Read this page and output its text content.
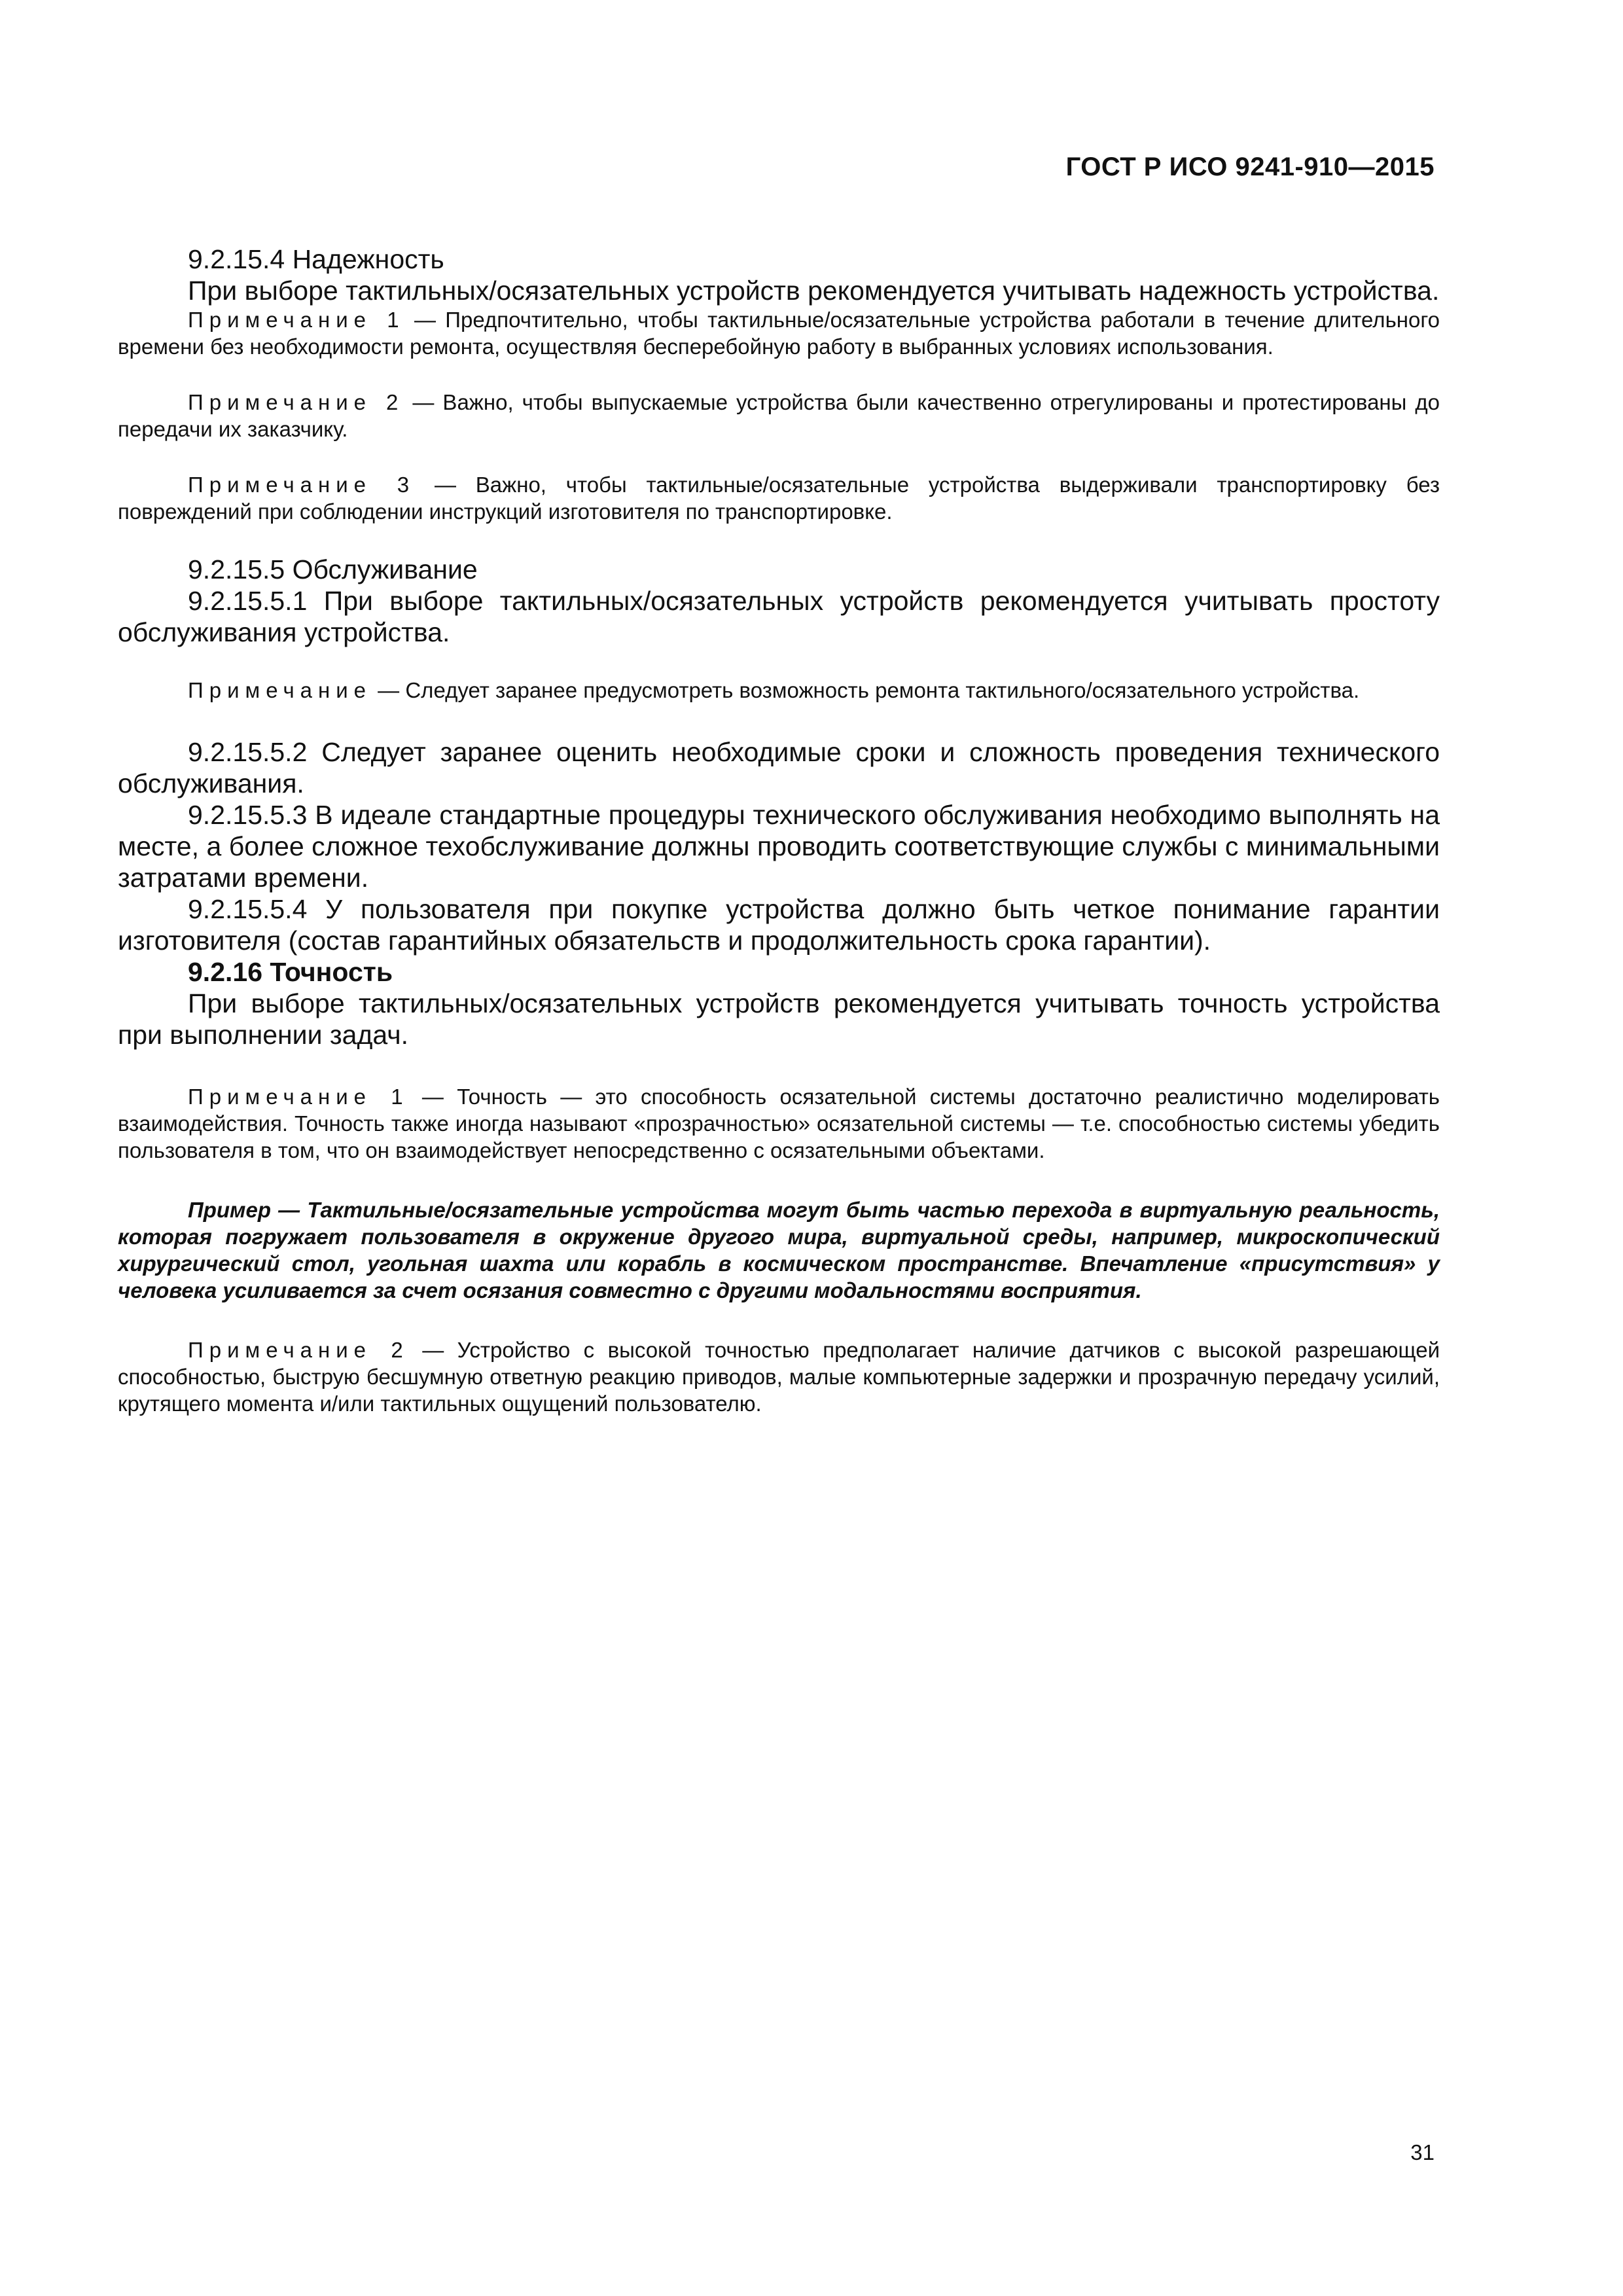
ГОСТ Р ИСО 9241-910—2015

9.2.15.4 Надежность

При выборе тактильных/осязательных устройств рекомендуется учитывать надежность устройства.

Примечание 1 — Предпочтительно, чтобы тактильные/осязательные устройства работали в течение длительного времени без необходимости ремонта, осуществляя бесперебойную работу в выбранных условиях использования.

Примечание 2 — Важно, чтобы выпускаемые устройства были качественно отрегулированы и протестированы до передачи их заказчику.

Примечание 3 — Важно, чтобы тактильные/осязательные устройства выдерживали транспортировку без повреждений при соблюдении инструкций изготовителя по транспортировке.

9.2.15.5 Обслуживание

9.2.15.5.1 При выборе тактильных/осязательных устройств рекомендуется учитывать простоту обслуживания устройства.

Примечание — Следует заранее предусмотреть возможность ремонта тактильного/осязательного устройства.

9.2.15.5.2 Следует заранее оценить необходимые сроки и сложность проведения технического обслуживания.

9.2.15.5.3 В идеале стандартные процедуры технического обслуживания необходимо выполнять на месте, а более сложное техобслуживание должны проводить соответствующие службы с минимальными затратами времени.

9.2.15.5.4 У пользователя при покупке устройства должно быть четкое понимание гарантии изготовителя (состав гарантийных обязательств и продолжительность срока гарантии).

9.2.16 Точность

При выборе тактильных/осязательных устройств рекомендуется учитывать точность устройства при выполнении задач.

Примечание 1 — Точность — это способность осязательной системы достаточно реалистично моделировать взаимодействия. Точность также иногда называют «прозрачностью» осязательной системы — т.е. способностью системы убедить пользователя в том, что он взаимодействует непосредственно с осязательными объектами.

Пример — Тактильные/осязательные устройства могут быть частью перехода в виртуальную реальность, которая погружает пользователя в окружение другого мира, виртуальной среды, например, микроскопический хирургический стол, угольная шахта или корабль в космическом пространстве. Впечатление «присутствия» у человека усиливается за счет осязания совместно с другими модальностями восприятия.

Примечание 2 — Устройство с высокой точностью предполагает наличие датчиков с высокой разрешающей способностью, быструю бесшумную ответную реакцию приводов, малые компьютерные задержки и прозрачную передачу усилий, крутящего момента и/или тактильных ощущений пользователю.

31
